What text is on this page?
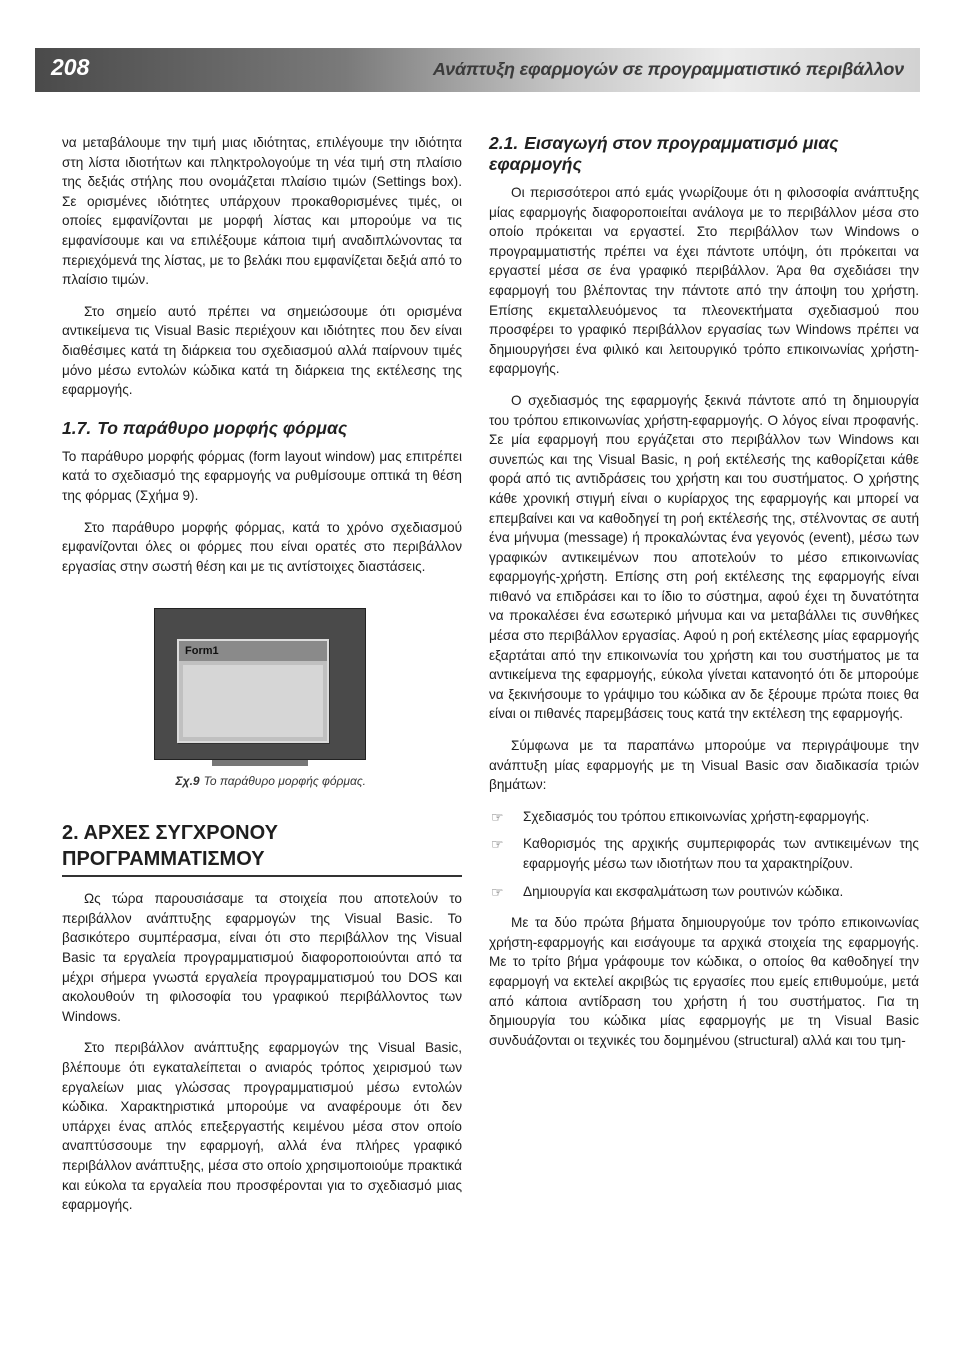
208	Ανάπτυξη εφαρμογών σε προγραμματιστικό περιβάλλον

να μεταβάλουμε την τιμή μιας ιδιότητας, επιλέγουμε την ιδιότητα στη λίστα ιδιοτήτων και πληκτρολογούμε τη νέα τιμή στη πλαίσιο της δεξιάς στήλης που ονομάζεται πλαίσιο τιμών (Settings box). Σε ορισμένες ιδιότητες υπάρχουν προκαθορισμένες τιμές, οι οποίες εμφανίζονται με μορφή λίστας και μπορούμε να τις εμφανίσουμε και να επιλέξουμε κάποια τιμή αναδιπλώνοντας τα περιεχόμενά της λίστας, με το βελάκι που εμφανίζεται δεξιά από το πλαίσιο τιμών.

Στο σημείο αυτό πρέπει να σημειώσουμε ότι ορισμένα αντικείμενα τις Visual Basic περιέχουν και ιδιότητες που δεν είναι διαθέσιμες κατά τη διάρκεια του σχεδιασμού αλλά παίρνουν τιμές μόνο μέσω εντολών κώδικα κατά τη διάρκεια της εκτέλεσης της εφαρμογής.

1.7. Το παράθυρο μορφής φόρμας

Το παράθυρο μορφής φόρμας (form layout window) μας επιτρέπει κατά το σχεδιασμό της εφαρμογής να ρυθμίσουμε οπτικά τη θέση της φόρμας (Σχήμα 9).

Στο παράθυρο μορφής φόρμας, κατά το χρόνο σχεδιασμού εμφανίζονται όλες οι φόρμες που είναι ορατές στο περιβάλλον εργασίας στην σωστή θέση και με τις αντίστοιχες διαστάσεις.

Form1
Σχ.9 Το παράθυρο μορφής φόρμας.
2. ΑΡΧΕΣ ΣΥΓΧΡΟΝΟΥ ΠΡΟΓΡΑΜΜΑΤΙΣΜΟΥ

Ως τώρα παρουσιάσαμε τα στοιχεία που αποτελούν το περιβάλλον ανάπτυξης εφαρμογών της Visual Basic. Το βασικότερο συμπέρασμα, είναι ότι στο περιβάλλον της Visual Basic τα εργαλεία προγραμματισμού διαφοροποιούνται από τα μέχρι σήμερα γνωστά εργαλεία προγραμματισμού του DOS και ακολουθούν τη φιλοσοφία του γραφικού περιβάλλοντος των Windows.

Στο περιβάλλον ανάπτυξης εφαρμογών της Visual Basic, βλέπουμε ότι εγκαταλείπεται ο ανιαρός τρόπος χειρισμού των εργαλείων μιας γλώσσας προγραμματισμού μέσω εντολών κώδικα. Χαρακτηριστικά μπορούμε να αναφέρουμε ότι δεν υπάρχει ένας απλός επεξεργαστής κειμένου μέσα στον οποίο αναπτύσσουμε την εφαρμογή, αλλά ένα πλήρες γραφικό περιβάλλον ανάπτυξης, μέσα στο οποίο χρησιμοποιούμε πρακτικά και εύκολα τα εργαλεία που προσφέρονται για το σχεδιασμό μιας εφαρμογής.

2.1. Εισαγωγή στον προγραμματισμό μιας εφαρμογής

Οι περισσότεροι από εμάς γνωρίζουμε ότι η φιλοσοφία ανάπτυξης μίας εφαρμογής διαφοροποιείται ανάλογα με το περιβάλλον μέσα στο οποίο πρόκειται να εργαστεί. Στο περιβάλλον των Windows ο προγραμματιστής πρέπει να έχει πάντοτε υπόψη, ότι πρόκειται να εργαστεί μέσα σε ένα γραφικό περιβάλλον. Άρα θα σχεδιάσει την εφαρμογή του βλέποντας την πάντοτε από την άποψη του χρήστη. Επίσης εκμεταλλευόμενος τα πλεονεκτήματα σχεδιασμού που προσφέρει το γραφικό περιβάλλον εργασίας των Windows πρέπει να δημιουργήσει ένα φιλικό και λειτουργικό τρόπο επικοινωνίας χρήστη-εφαρμογής.

Ο σχεδιασμός της εφαρμογής ξεκινά πάντοτε από τη δημιουργία του τρόπου επικοινωνίας χρήστη-εφαρμογής. Ο λόγος είναι προφανής. Σε μία εφαρμογή που εργάζεται στο περιβάλλον των Windows και συνεπώς και της Visual Basic, η ροή εκτέλεσής της καθορίζεται κάθε φορά από τις αντιδράσεις του χρήστη και του συστήματος. Ο χρήστης κάθε χρονική στιγμή είναι ο κυρίαρχος της εφαρμογής και μπορεί να επεμβαίνει και να καθοδηγεί τη ροή εκτέλεσής της, στέλνοντας σε αυτή ένα μήνυμα (message) ή προκαλώντας ένα γεγονός (event), μέσω των γραφικών αντικειμένων που αποτελούν το μέσο επικοινωνίας εφαρμογής-χρήστη. Επίσης στη ροή εκτέλεσης της εφαρμογής είναι πιθανό να επιδράσει και το ίδιο το σύστημα, αφού έχει τη δυνατότητα να προκαλέσει ένα εσωτερικό μήνυμα και να μεταβάλλει τις συνθήκες μέσα στο περιβάλλον εργασίας. Αφού η ροή εκτέλεσης μίας εφαρμογής εξαρτάται από την επικοινωνία του χρήστη και του συστήματος με τα αντικείμενα της εφαρμογής, εύκολα γίνεται κατανοητό ότι δε μπορούμε να ξεκινήσουμε το γράψιμο του κώδικα αν δε ξέρουμε πρώτα ποιες θα είναι οι πιθανές παρεμβάσεις τους κατά την εκτέλεση της εφαρμογής.

Σύμφωνα με τα παραπάνω μπορούμε να περιγράψουμε την ανάπτυξη μίας εφαρμογής με τη Visual Basic σαν διαδικασία τριών βημάτων:

☞ Σχεδιασμός του τρόπου επικοινωνίας χρήστη-εφαρμογής.
☞ Καθορισμός της αρχικής συμπεριφοράς των αντικειμένων της εφαρμογής μέσω των ιδιοτήτων που τα χαρακτηρίζουν.
☞ Δημιουργία και εκσφαλμάτωση των ρουτινών κώδικα.

Με τα δύο πρώτα βήματα δημιουργούμε τον τρόπο επικοινωνίας χρήστη-εφαρμογής και εισάγουμε τα αρχικά στοιχεία της εφαρμογής. Με το τρίτο βήμα γράφουμε τον κώδικα, ο οποίος θα καθοδηγεί την εφαρμογή να εκτελεί ακριβώς τις εργασίες που εμείς επιθυμούμε, μετά από κάποια αντίδραση του χρήστη ή του συστήματος. Για τη δημιουργία του κώδικα μίας εφαρμογής με τη Visual Basic συνδυάζονται οι τεχνικές του δομημένου (structural) αλλά και του τμη-
